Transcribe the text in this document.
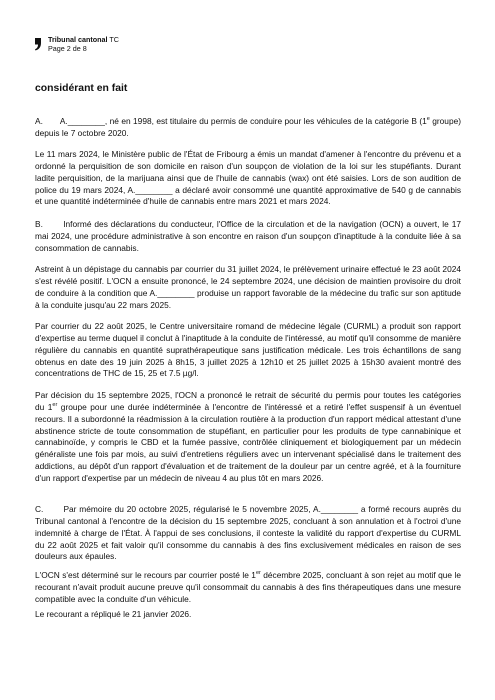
Tribunal cantonal TC
Page 2 de 8
considérant en fait

A.       A.________, né en 1998, est titulaire du permis de conduire pour les véhicules de la catégorie B (1e groupe) depuis le 7 octobre 2020.

Le 11 mars 2024, le Ministère public de l'État de Fribourg a émis un mandat d'amener à l'encontre du prévenu et a ordonné la perquisition de son domicile en raison d'un soupçon de violation de la loi sur les stupéfiants. Durant ladite perquisition, de la marijuana ainsi que de l'huile de cannabis (wax) ont été saisies. Lors de son audition de police du 19 mars 2024, A.________ a déclaré avoir consommé une quantité approximative de 540 g de cannabis et une quantité indéterminée d'huile de cannabis entre mars 2021 et mars 2024.

B.       Informé des déclarations du conducteur, l'Office de la circulation et de la navigation (OCN) a ouvert, le 17 mai 2024, une procédure administrative à son encontre en raison d'un soupçon d'inaptitude à la conduite liée à sa consommation de cannabis.

Astreint à un dépistage du cannabis par courrier du 31 juillet 2024, le prélèvement urinaire effectué le 23 août 2024 s'est révélé positif. L'OCN a ensuite prononcé, le 24 septembre 2024, une décision de maintien provisoire du droit de conduire à la condition que A.________ produise un rapport favorable de la médecine du trafic sur son aptitude à la conduite jusqu'au 22 mars 2025.

Par courrier du 22 août 2025, le Centre universitaire romand de médecine légale (CURML) a produit son rapport d'expertise au terme duquel il conclut à l'inaptitude à la conduite de l'intéressé, au motif qu'il consomme de manière régulière du cannabis en quantité suprathérapeutique sans justification médicale. Les trois échantillons de sang obtenus en date des 19 juin 2025 à 8h15, 3 juillet 2025 à 12h10 et 25 juillet 2025 à 15h30 avaient montré des concentrations de THC de 15, 25 et 7.5 µg/l.

Par décision du 15 septembre 2025, l'OCN a prononcé le retrait de sécurité du permis pour toutes les catégories du 1er groupe pour une durée indéterminée à l'encontre de l'intéressé et a retiré l'effet suspensif à un éventuel recours. Il a subordonné la réadmission à la circulation routière à la production d'un rapport médical attestant d'une abstinence stricte de toute consommation de stupéfiant, en particulier pour les produits de type cannabinique et cannabinoïde, y compris le CBD et la fumée passive, contrôlée cliniquement et biologiquement par un médecin généraliste une fois par mois, au suivi d'entretiens réguliers avec un intervenant spécialisé dans le traitement des addictions, au dépôt d'un rapport d'évaluation et de traitement de la douleur par un centre agréé, et à la fourniture d'un rapport d'expertise par un médecin de niveau 4 au plus tôt en mars 2026.

C.       Par mémoire du 20 octobre 2025, régularisé le 5 novembre 2025, A.________ a formé recours auprès du Tribunal cantonal à l'encontre de la décision du 15 septembre 2025, concluant à son annulation et à l'octroi d'une indemnité à charge de l'État. À l'appui de ses conclusions, il conteste la validité du rapport d'expertise du CURML du 22 août 2025 et fait valoir qu'il consomme du cannabis à des fins exclusivement médicales en raison de ses douleurs aux épaules.

L'OCN s'est déterminé sur le recours par courrier posté le 1er décembre 2025, concluant à son rejet au motif que le recourant n'avait produit aucune preuve qu'il consommait du cannabis à des fins thérapeutiques dans une mesure compatible avec la conduite d'un véhicule.

Le recourant a répliqué le 21 janvier 2026.
